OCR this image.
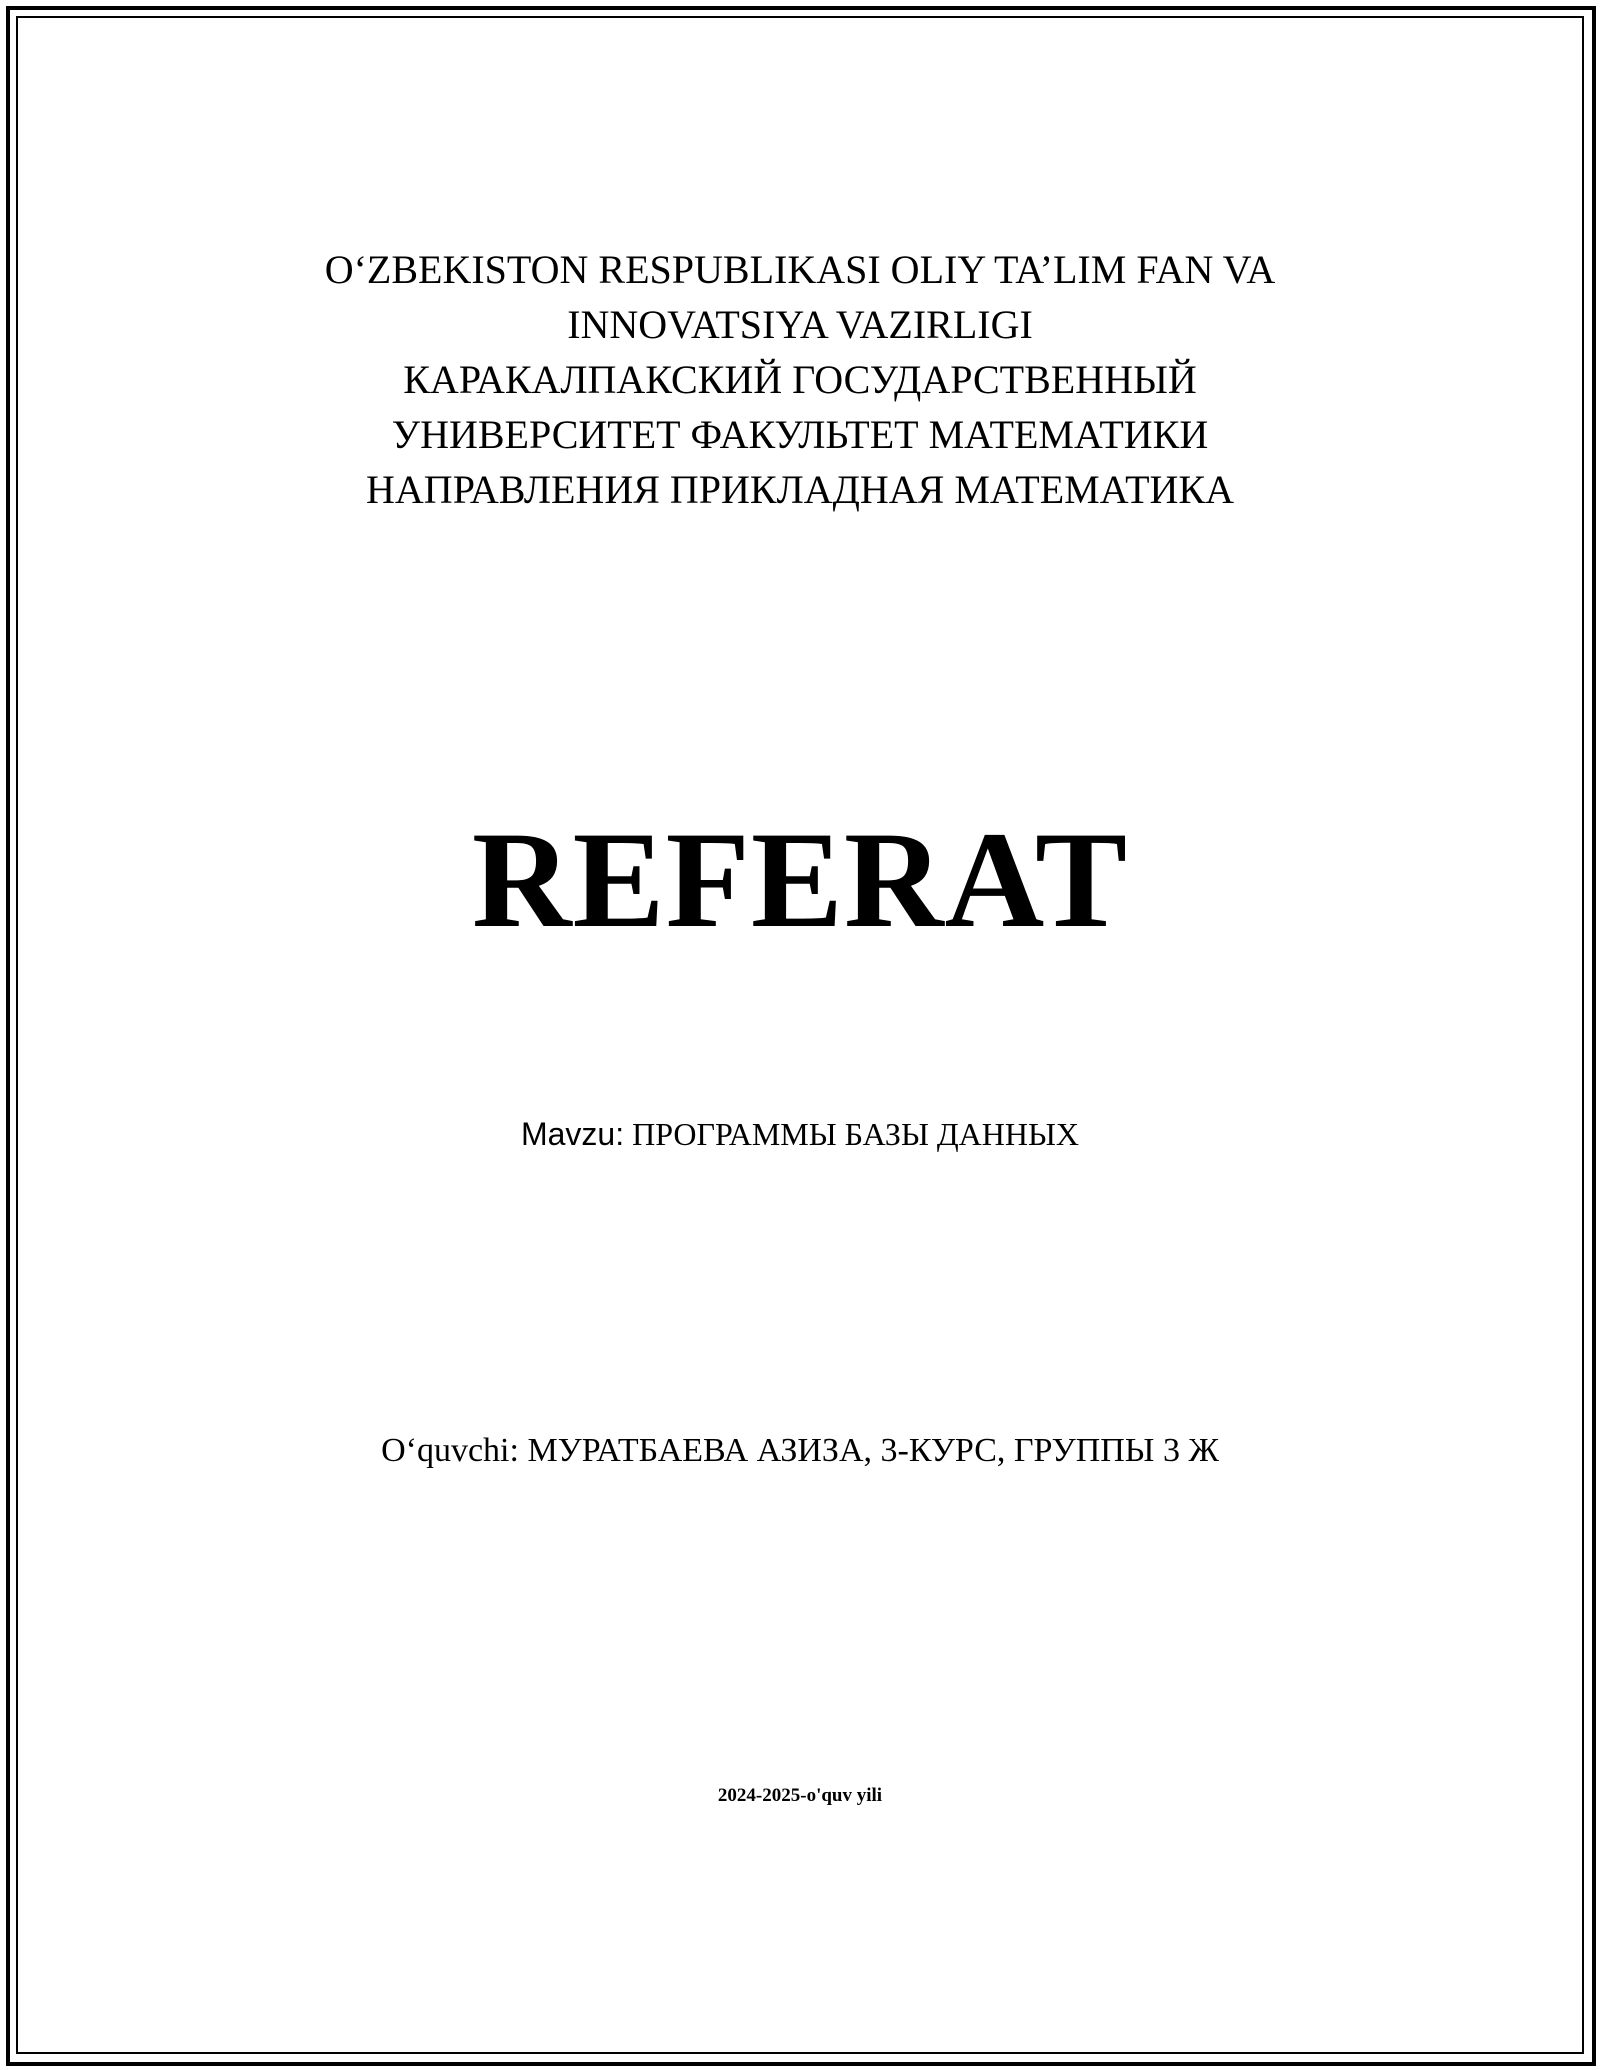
O‘ZBEKISTON RESPUBLIKASI OLIY TA’LIM FAN VA
INNOVATSIYA VAZIRLIGI
КАРАКАЛПАКСКИЙ ГОСУДАРСТВЕННЫЙ
УНИВЕРСИТЕТ ФАКУЛЬТЕТ МАТЕМАТИКИ
НАПРАВЛЕНИЯ ПРИКЛАДНАЯ МАТЕМАТИКА
REFERAT
Mavzu: ПРОГРАММЫ БАЗЫ ДАННЫХ
O‘quvchi: МУРАТБАЕВА АЗИЗА, 3-КУРС, ГРУППЫ 3 Ж
2024-2025-o'quv yili
